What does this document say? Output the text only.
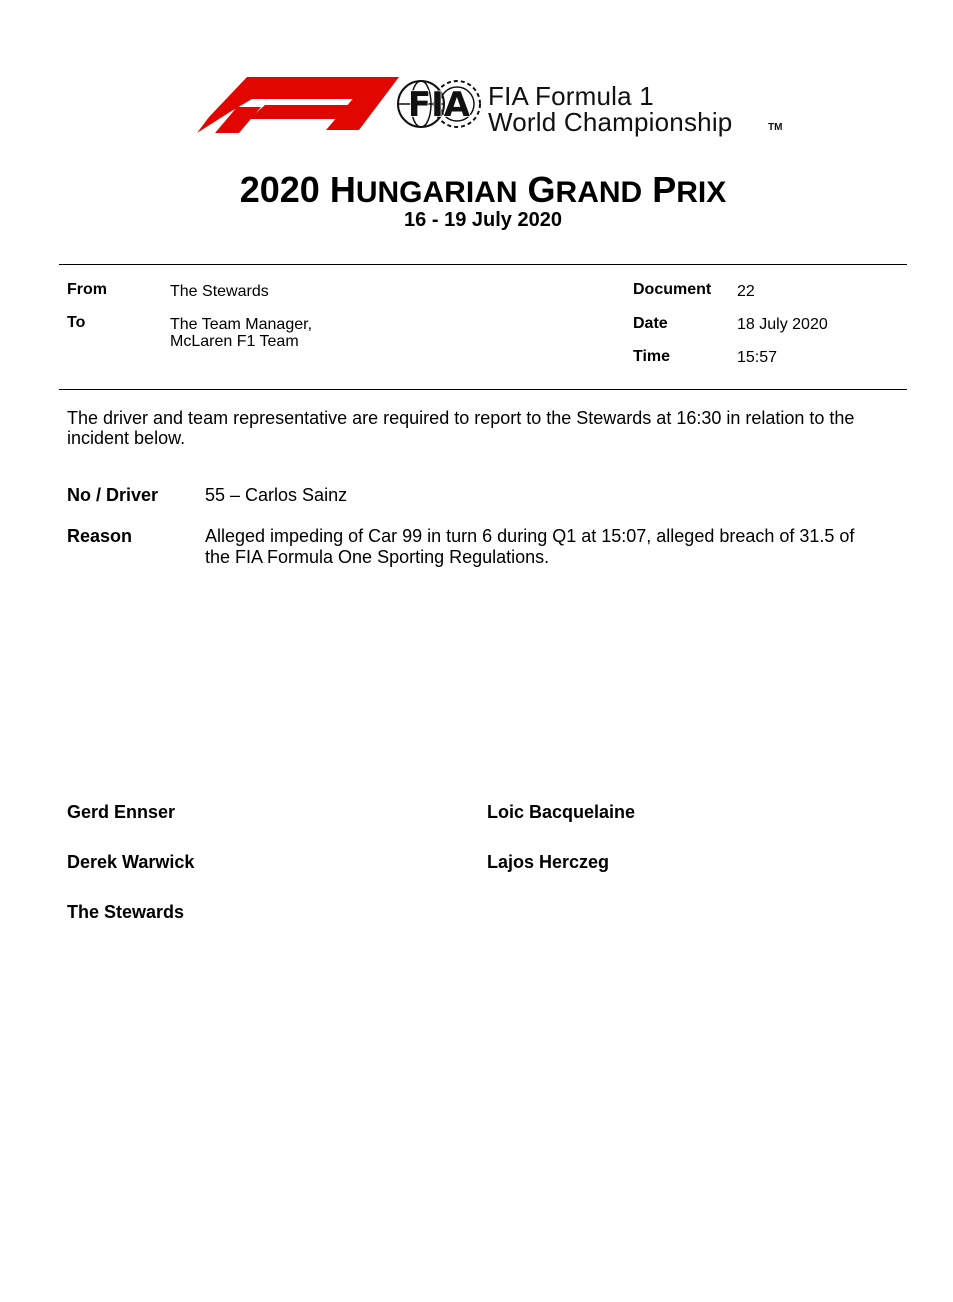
FIA FIA Formula 1
World Championship	TM
2020 HUNGARIAN GRAND PRIX
16 - 19 July 2020
From	The Stewards
To	The Team Manager,
McLaren F1 Team
Document 22
Date	18 July 2020
Time	15:57
The driver and team representative are required to report to the Stewards at 16:30 in relation to the
incident below.
No / Driver	55 – Carlos Sainz
Reason	Alleged impeding of Car 99 in turn 6 during Q1 at 15:07, alleged breach of 31.5 of
the FIA Formula One Sporting Regulations.
Gerd Ennser
Derek Warwick
The Stewards
Loic Bacquelaine
Lajos Herczeg
